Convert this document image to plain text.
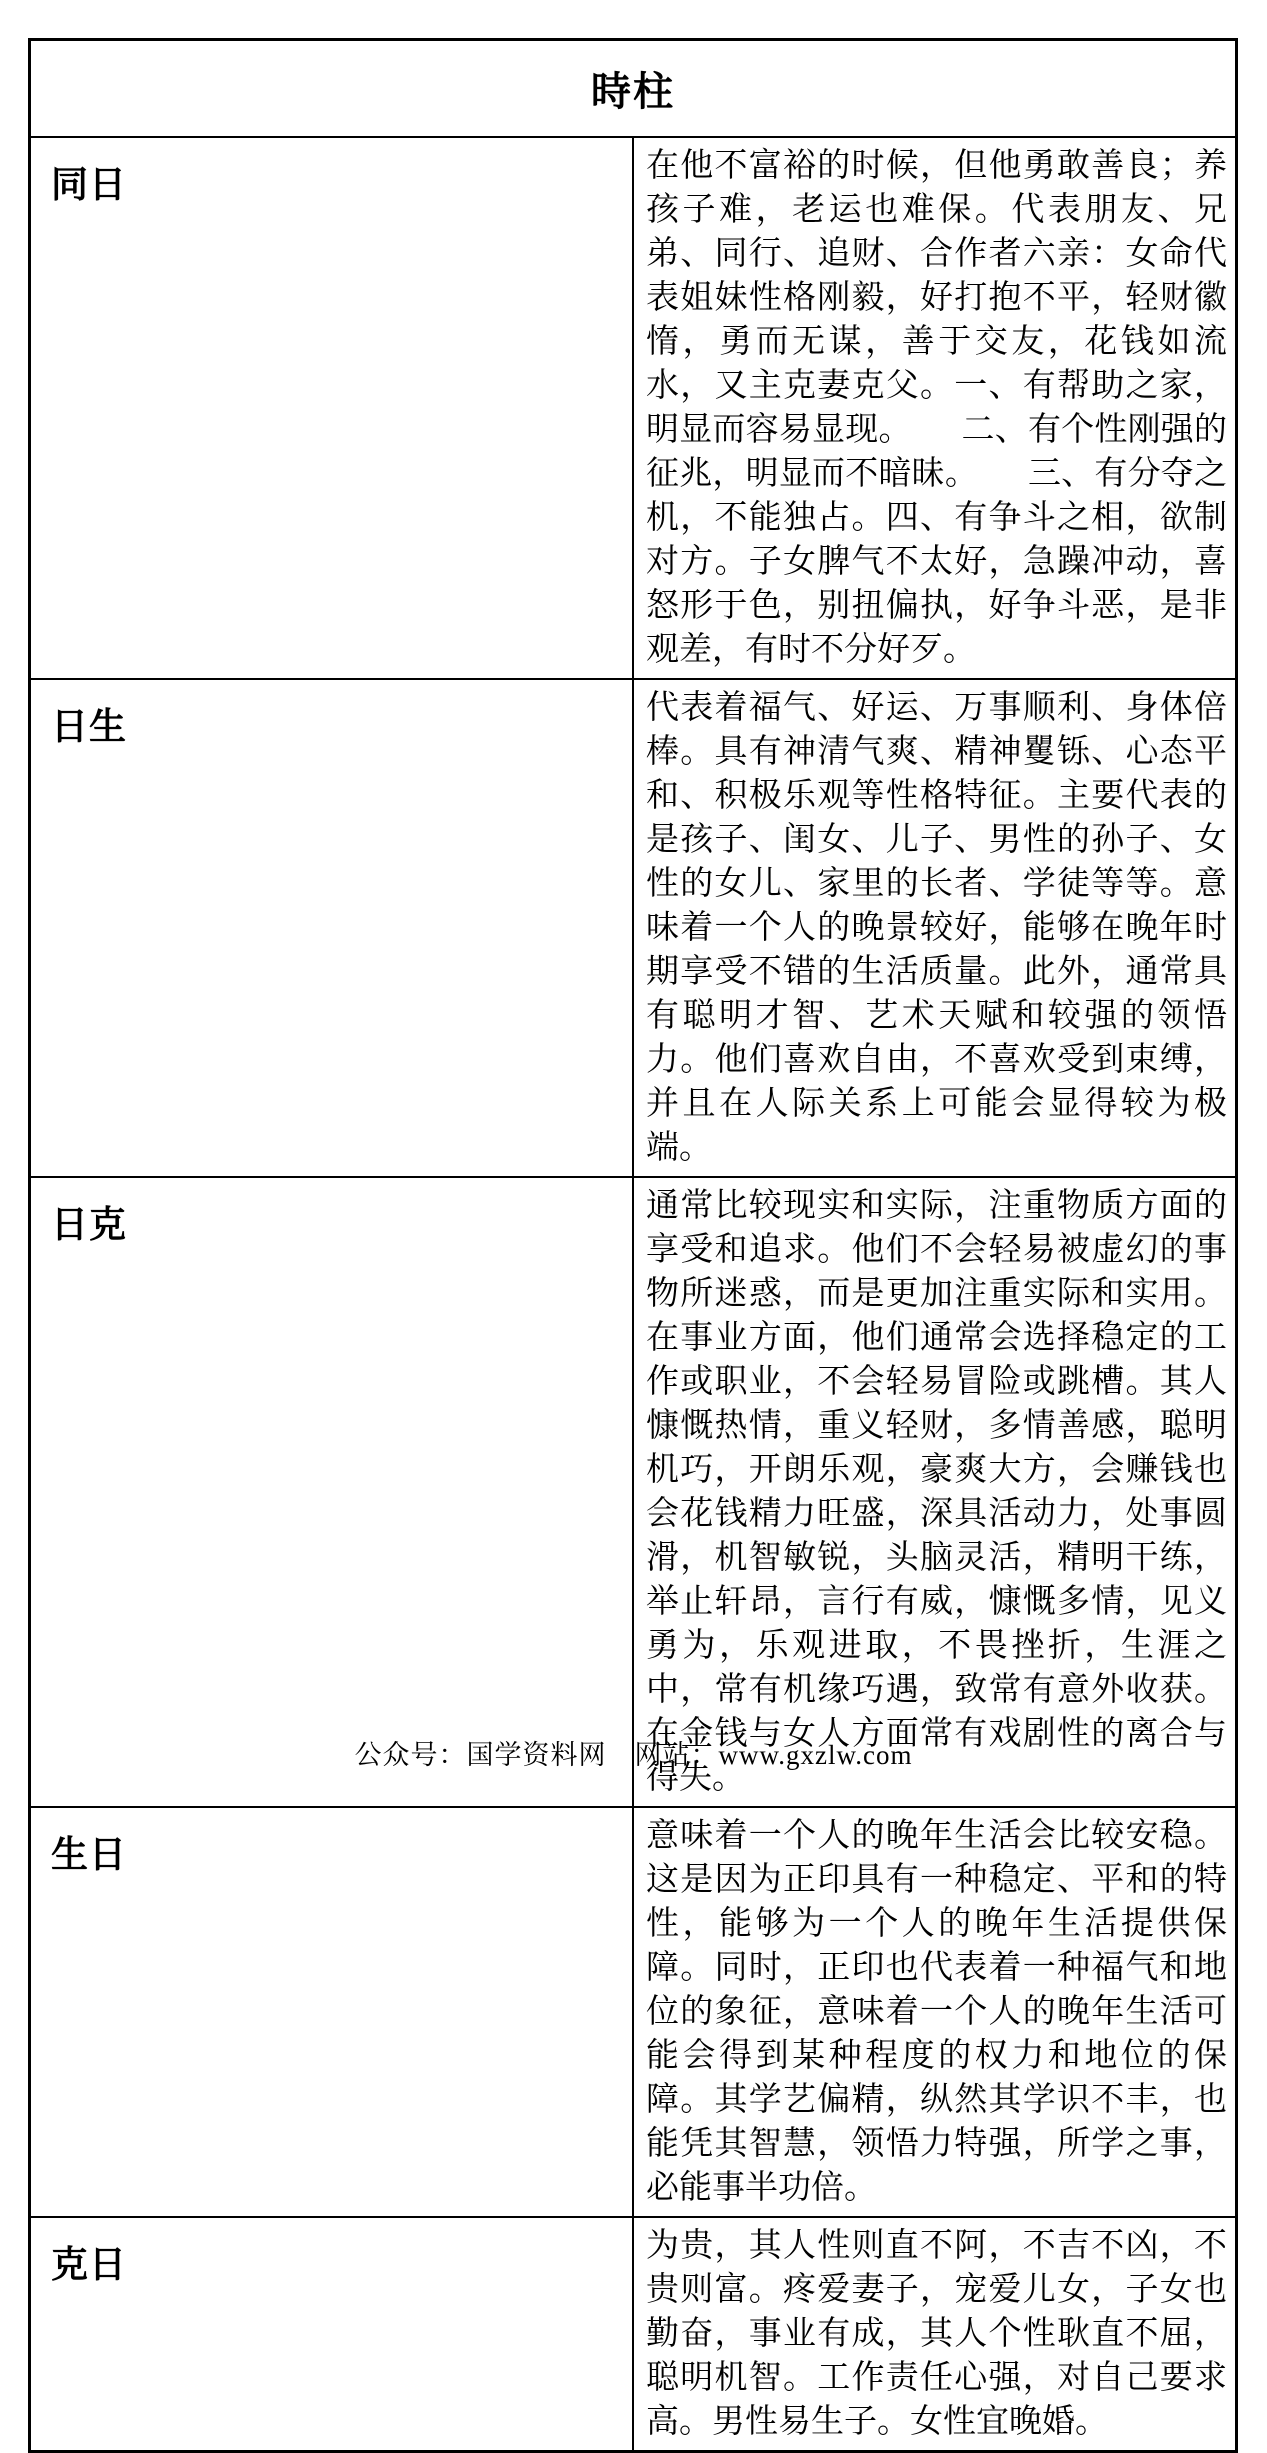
時柱	
同日	在他不富裕的时候，但他勇敢善良；养孩子难，老运也难保。代表朋友、兄弟、同行、追财、合作者六亲：女命代表姐妹性格刚毅，好打抱不平，轻财徽惰，勇而无谋，善于交友，花钱如流水，又主克妻克父。一、有帮助之家，明显而容易显现。　　二、有个性刚强的征兆，明显而不暗昧。　　三、有分夺之机，不能独占。四、有争斗之相，欲制对方。子女脾气不太好，急躁冲动，喜怒形于色，别扭偏执，好争斗恶，是非观差，有时不分好歹。
日生	代表着福气、好运、万事顺利、身体倍棒。具有神清气爽、精神矍铄、心态平和、积极乐观等性格特征。主要代表的是孩子、闺女、儿子、男性的孙子、女性的女儿、家里的长者、学徒等等。意味着一个人的晚景较好，能够在晚年时期享受不错的生活质量。此外，通常具有聪明才智、艺术天赋和较强的领悟力。他们喜欢自由，不喜欢受到束缚，并且在人际关系上可能会显得较为极端。
日克	通常比较现实和实际，注重物质方面的享受和追求。他们不会轻易被虚幻的事物所迷惑，而是更加注重实际和实用。在事业方面，他们通常会选择稳定的工作或职业，不会轻易冒险或跳槽。其人慷慨热情，重义轻财，多情善感，聪明机巧，开朗乐观，豪爽大方，会赚钱也会花钱精力旺盛，深具活动力，处事圆滑，机智敏锐，头脑灵活，精明干练，举止轩昂，言行有威，慷慨多情，见义勇为，乐观进取，不畏挫折，生涯之中，常有机缘巧遇，致常有意外收获。在金钱与女人方面常有戏剧性的离合与得失。
生日	意味着一个人的晚年生活会比较安稳。这是因为正印具有一种稳定、平和的特性，能够为一个人的晚年生活提供保障。同时，正印也代表着一种福气和地位的象征，意味着一个人的晚年生活可能会得到某种程度的权力和地位的保障。其学艺偏精，纵然其学识不丰，也能凭其智慧，领悟力特强，所学之事，必能事半功倍。
克日	为贵，其人性则直不阿，不吉不凶，不贵则富。疼爱妻子，宠爱儿女，子女也勤奋，事业有成，其人个性耿直不屈，聪明机智。工作责任心强，对自己要求高。男性易生子。女性宜晚婚。
公众号：国学资料网　网站：www.gxzlw.com
